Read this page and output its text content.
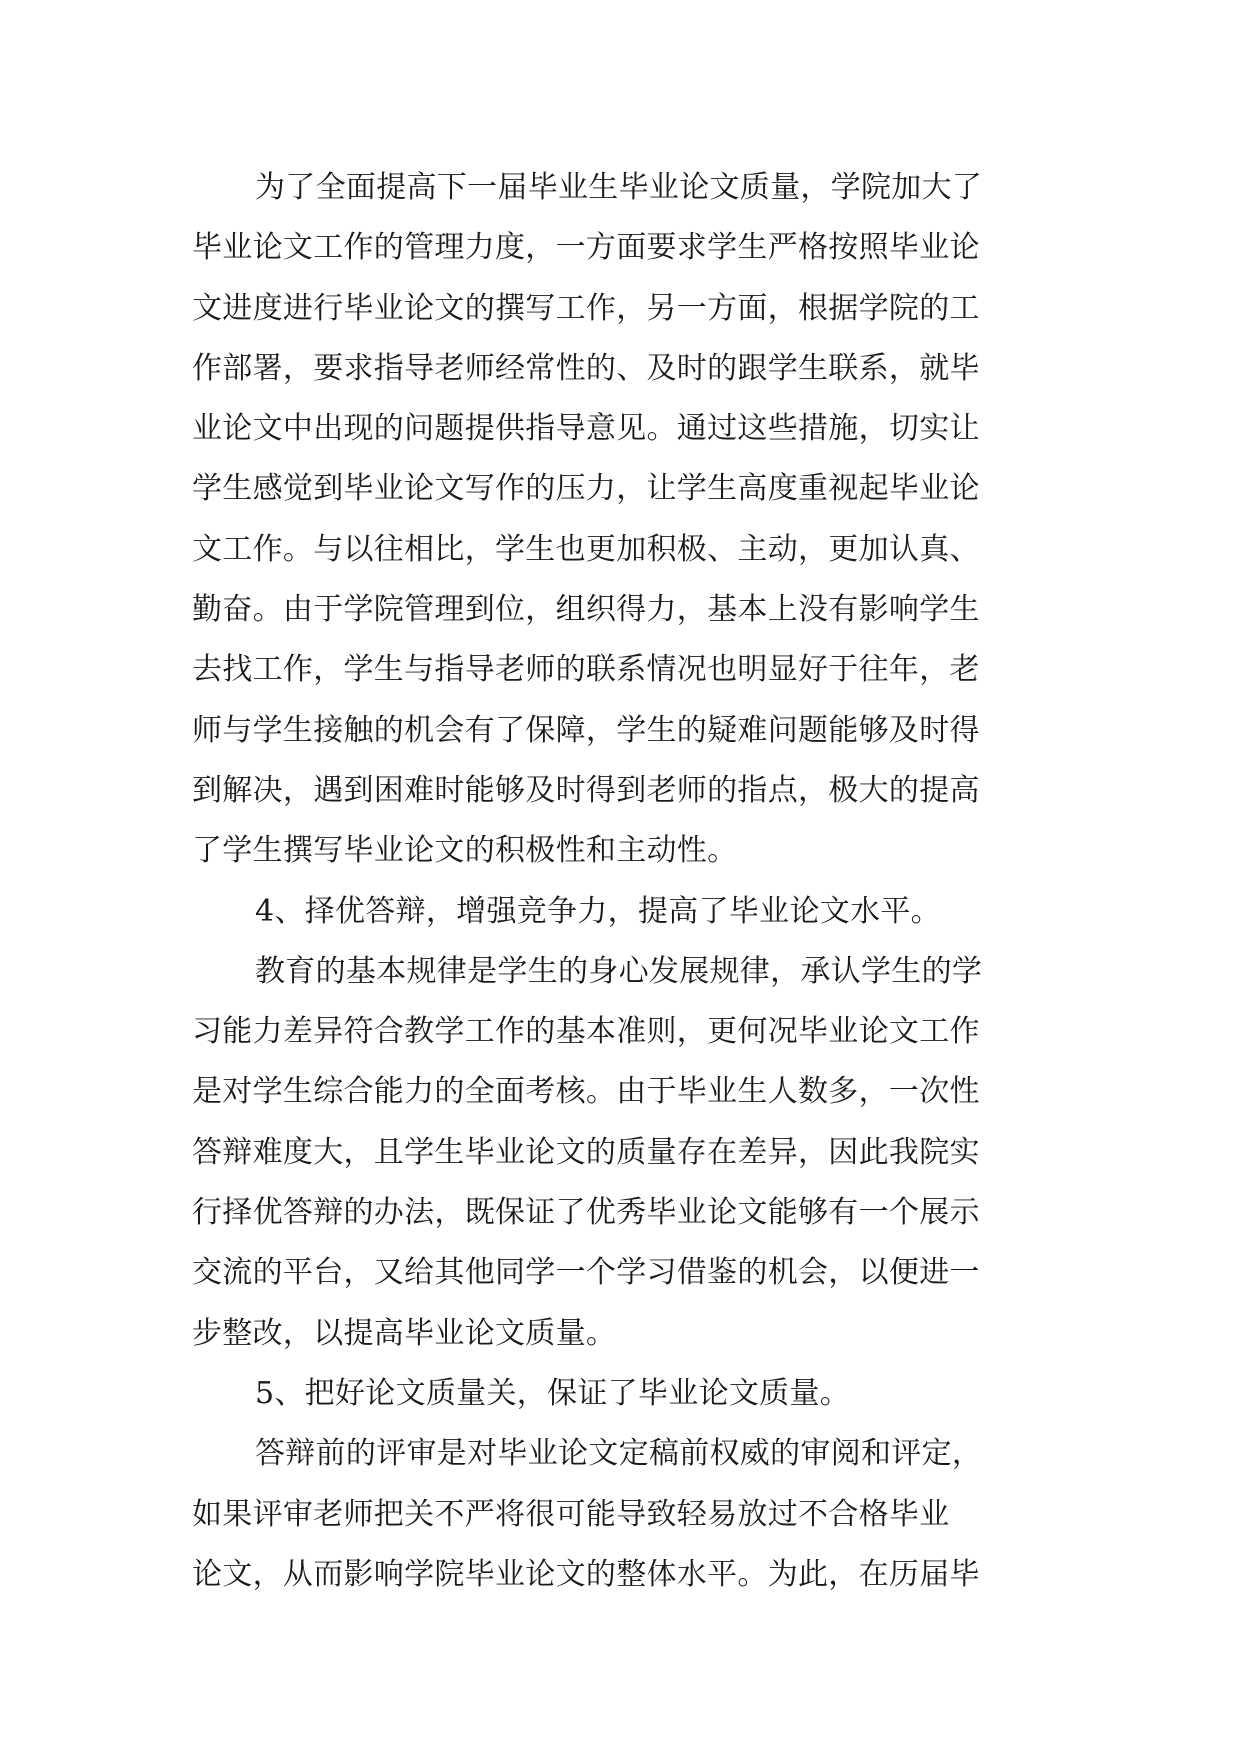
为了全面提高下一届毕业生毕业论文质量，学院加大了
毕业论文工作的管理力度，一方面要求学生严格按照毕业论
文进度进行毕业论文的撰写工作，另一方面，根据学院的工
作部署，要求指导老师经常性的、及时的跟学生联系，就毕
业论文中出现的问题提供指导意见。通过这些措施，切实让
学生感觉到毕业论文写作的压力，让学生高度重视起毕业论
文工作。与以往相比，学生也更加积极、主动，更加认真、
勤奋。由于学院管理到位，组织得力，基本上没有影响学生
去找工作，学生与指导老师的联系情况也明显好于往年，老
师与学生接触的机会有了保障，学生的疑难问题能够及时得
到解决，遇到困难时能够及时得到老师的指点，极大的提高
了学生撰写毕业论文的积极性和主动性。
4、择优答辩，增强竞争力，提高了毕业论文水平。
教育的基本规律是学生的身心发展规律，承认学生的学
习能力差异符合教学工作的基本准则，更何况毕业论文工作
是对学生综合能力的全面考核。由于毕业生人数多，一次性
答辩难度大，且学生毕业论文的质量存在差异，因此我院实
行择优答辩的办法，既保证了优秀毕业论文能够有一个展示
交流的平台，又给其他同学一个学习借鉴的机会，以便进一
步整改，以提高毕业论文质量。
5、把好论文质量关，保证了毕业论文质量。
答辩前的评审是对毕业论文定稿前权威的审阅和评定，
如果评审老师把关不严将很可能导致轻易放过不合格毕业
论文，从而影响学院毕业论文的整体水平。为此，在历届毕
